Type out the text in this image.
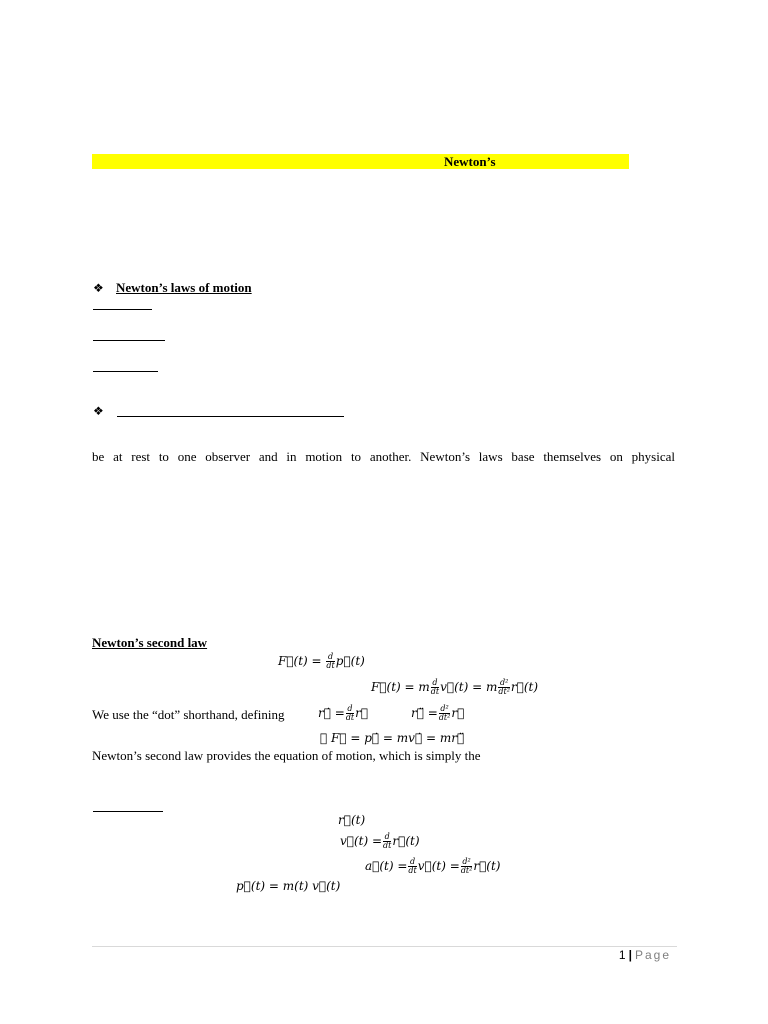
Newton’s
❖ Newton’s laws of motion
❖
be at rest to one observer and in motion to another. Newton’s laws base themselves on physical
Newton’s second law
F⃗(t) = $\frac{d}{dt}$ p⃗(t)
F⃗(t) = m $\frac{d}{dt}$ v⃗(t) = m $\frac{\text{d²}}{\text{dt²}}$ r⃗(t)
We use the “dot” shorthand, defining	r⃗̇ = $\frac{d}{dt}$ r⃗	r⃗̈ = $\frac{\text{d²}}{\text{dt²}}$ r⃗
∴ F⃗ = p⃗̇ = mv⃗̇ = mr⃗̈
Newton’s second law provides the equation of motion, which is simply the
r⃗(t)
v⃗(t) = $\frac{d}{dt}$ r⃗(t)
a⃗(t) = $\frac{d}{dt}$ v⃗(t) = $\frac{\text{d²}}{\text{dt²}}$ r⃗(t)
p⃗(t) = m(t) v⃗(t)
1 | Page
